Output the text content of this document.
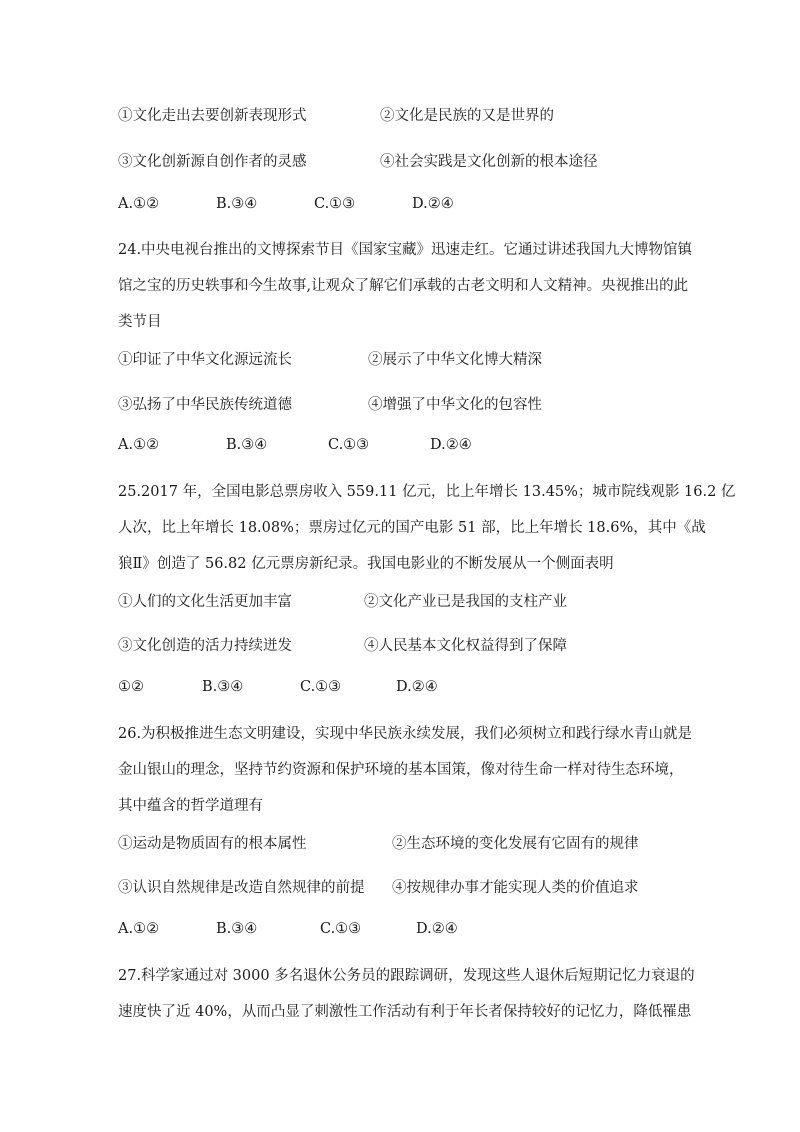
①文化走出去要创新表现形式	②文化是民族的又是世界的
③文化创新源自创作者的灵感	④社会实践是文化创新的根本途径
A.①②	B.③④	C.①③	D.②④
24.中央电视台推出的文博探索节目《国家宝藏》迅速走红。它通过讲述我国九大博物馆镇
馆之宝的历史轶事和今生故事,让观众了解它们承载的古老文明和人文精神。央视推出的此
类节目
①印证了中华文化源远流长	②展示了中华文化博大精深
③弘扬了中华民族传统道德	④增强了中华文化的包容性
A.①②	B.③④	C.①③	D.②④
25.2017 年，全国电影总票房收入 559.11 亿元，比上年增长 13.45%；城市院线观影 16.2 亿
人次，比上年增长 18.08%；票房过亿元的国产电影 51 部，比上年增长 18.6%，其中《战
狼Ⅱ》创造了 56.82 亿元票房新纪录。我国电影业的不断发展从一个侧面表明
①人们的文化生活更加丰富	②文化产业已是我国的支柱产业
③文化创造的活力持续迸发	④人民基本文化权益得到了保障
①②	B.③④	C.①③	D.②④
26.为积极推进生态文明建设，实现中华民族永续发展，我们必须树立和践行绿水青山就是
金山银山的理念，坚持节约资源和保护环境的基本国策，像对待生命一样对待生态环境，
其中蕴含的哲学道理有
①运动是物质固有的根本属性	②生态环境的变化发展有它固有的规律
③认识自然规律是改造自然规律的前提 ④按规律办事才能实现人类的价值追求
A.①②	B.③④	C.①③	D.②④
27.科学家通过对 3000 多名退休公务员的跟踪调研，发现这些人退休后短期记忆力衰退的
速度快了近 40%，从而凸显了刺激性工作活动有利于年长者保持较好的记忆力，降低罹患
